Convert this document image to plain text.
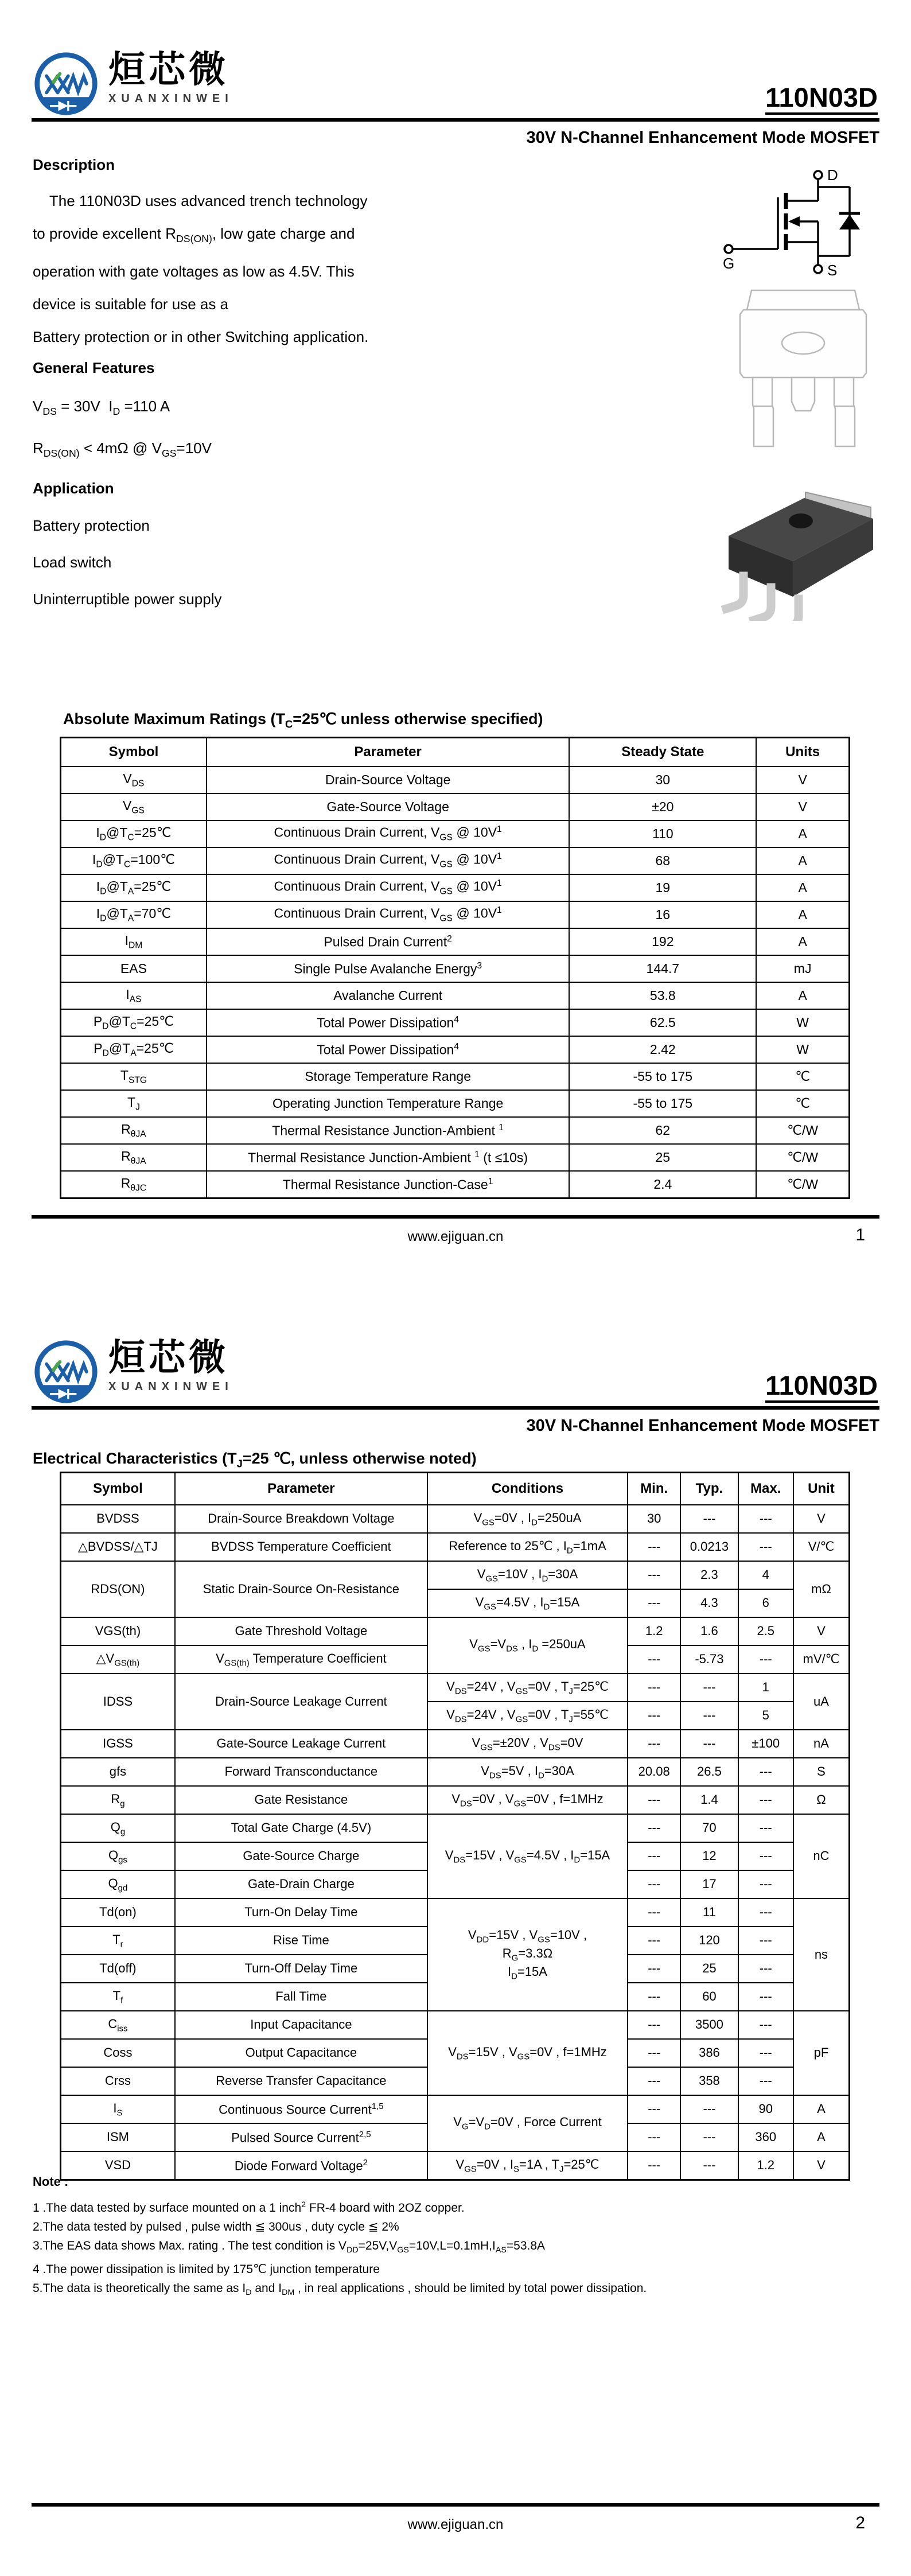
烜芯微
XUANXINWEI	110N03D
30V N-Channel Enhancement Mode MOSFET
Description
The 110N03D uses advanced trench technology
to provide excellent $R_{DS(ON)}$, low gate charge and
operation with gate voltages as low as 4.5V. This
device is suitable for use as a
Battery protection or in other Switching application.
General Features
$V_{DS} = 30V$  $I_D =110$ A
$R_{DS(ON)} < 4m\Omega$ @ $V_{GS}=10V$
Application
Battery protection
Load switch
Uninterruptible power supply
D
G	S
Absolute Maximum Ratings ($T_C=25℃$ unless otherwise specified)
Symbol	Parameter	Steady State	Units
$V_{DS}$	Drain-Source Voltage	30	V
$V_{GS}$	Gate-Source Voltage	±20	V
$I_D@T_C=25℃$	Continuous Drain Current, $V_{GS}$ @ $10V^1$	110	A
$I_D@T_C=100℃$	Continuous Drain Current, $V_{GS}$ @ $10V^1$	68	A
$I_D@T_A=25℃$	Continuous Drain Current, $V_{GS}$ @ $10V^1$	19	A
$I_D@T_A=70℃$	Continuous Drain Current, $V_{GS}$ @ $10V^1$	16	A
$I_{DM}$	Pulsed Drain Current$^2$	192	A
EAS	Single Pulse Avalanche Energy$^3$	144.7	mJ
$I_{AS}$	Avalanche Current	53.8	A
$P_D@T_C=25℃$	Total Power Dissipation$^4$	62.5	W
$P_D@T_A=25℃$	Total Power Dissipation$^4$	2.42	W
$T_{STG}$	Storage Temperature Range	-55 to 175	℃
$T_J$	Operating Junction Temperature Range	-55 to 175	℃
$R_{\theta JA}$	Thermal Resistance Junction-Ambient $^1$	62	℃/W
$R_{\theta JA}$	Thermal Resistance Junction-Ambient $^1$ (t ≤10s)	25	℃/W
$R_{\theta JC}$	Thermal Resistance Junction-Case$^1$	2.4	℃/W
www.ejiguan.cn	1
烜芯微
XUANXINWEI	110N03D
30V N-Channel Enhancement Mode MOSFET
Electrical Characteristics ($T_J=25$ ℃, unless otherwise noted)
Symbol	Parameter	Conditions	Min.	Typ.	Max.	Unit
BVDSS	Drain-Source Breakdown Voltage	$V_{GS}=0V$ , $I_D=250uA$	30	---	---	V
△BVDSS/△TJ	BVDSS Temperature Coefficient	Reference to 25℃ , $I_D=1mA$	---	0.0213	---	V/℃
RDS(ON)	Static Drain-Source On-Resistance	$V_{GS}=10V$ , $I_D=30A$	---	2.3	4	mΩ
		$V_{GS}=4.5V$ , $I_D=15A$	---	4.3	6	
VGS(th)	Gate Threshold Voltage	$V_{GS}=V_{DS}$ , $I_D =250uA$	1.2	1.6	2.5	V
$\triangle V_{GS(th)}$	$V_{GS(th)}$ Temperature Coefficient		---	-5.73	---	mV/℃
IDSS	Drain-Source Leakage Current	$V_{DS}=24V$ , $V_{GS}=0V$ , $T_J=25℃$	---	---	1	uA
		$V_{DS}=24V$ , $V_{GS}=0V$ , $T_J=55℃$	---	---	5	
IGSS	Gate-Source Leakage Current	$V_{GS}=\pm 20V$ , $V_{DS}=0V$	---	---	±100	nA
gfs	Forward Transconductance	$V_{DS}=5V$ , $I_D=30A$	20.08	26.5	---	S
$R_g$	Gate Resistance	$V_{DS}=0V$ , $V_{GS}=0V$ , f=1MHz	---	1.4	---	Ω
$Q_g$	Total Gate Charge (4.5V)	$V_{DS}=15V$ , $V_{GS}=4.5V$ , $I_D=15A$	---	70	---	nC
$Q_{gs}$	Gate-Source Charge		---	12	---	
$Q_{gd}$	Gate-Drain Charge		---	17	---	
Td(on)	Turn-On Delay Time	$V_{DD}=15V$ , $V_{GS}=10V$ ,
$R_G=3.3\Omega$
$I_D=15A$	---	11	---	ns
$T_r$	Rise Time		---	120	---	
Td(off)	Turn-Off Delay Time		---	25	---	
$T_f$	Fall Time		---	60	---	
$C_{iss}$	Input Capacitance	$V_{DS}=15V$ , $V_{GS}=0V$ , f=1MHz	---	3500	---	pF
Coss	Output Capacitance		---	386	---	
Crss	Reverse Transfer Capacitance		---	358	---	
$I_S$	Continuous Source Current$^{1,5}$	$V_G=V_D=0V$ , Force Current	---	---	90	A
ISM	Pulsed Source Current$^{2,5}$		---	---	360	A
VSD	Diode Forward Voltage$^2$	$V_{GS}=0V$ , $I_S=1A$ , $T_J=25℃$	---	---	1.2	V
Note :
1 .The data tested by surface mounted on a 1 inch$^2$ FR-4 board with 2OZ copper.
2.The data tested by pulsed , pulse width ≦ 300us , duty cycle ≦ 2%
3.The EAS data shows Max. rating . The test condition is $V_{DD}=25V,V_{GS}=10V,L=0.1mH,I_{AS}=53.8A$
4 .The power dissipation is limited by 175℃ junction temperature
5.The data is theoretically the same as $I_D$ and $I_{DM}$ , in real applications , should be limited by total power dissipation.
www.ejiguan.cn	2
